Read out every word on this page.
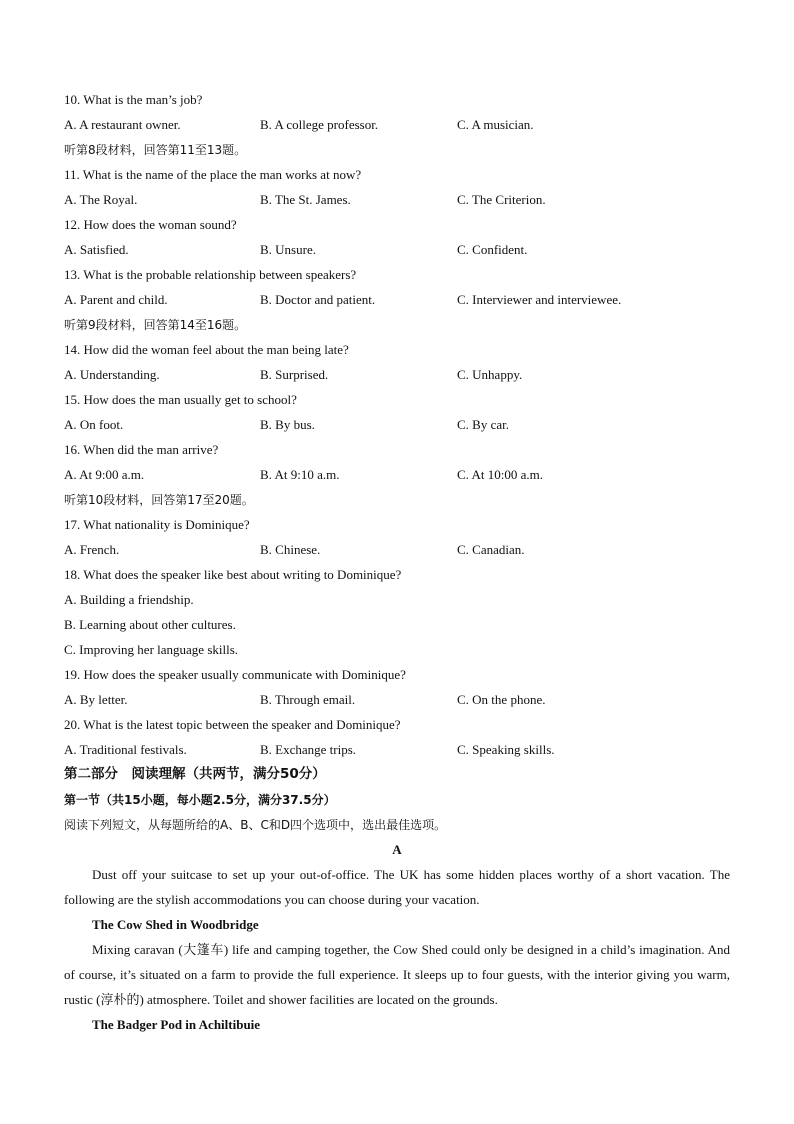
10. What is the man’s job?
A. A restaurant owner.	B. A college professor.	C. A musician.
听第8段材料，回答第11至13题。
11. What is the name of the place the man works at now?
A. The Royal.	B. The St. James.	C. The Criterion.
12. How does the woman sound?
A. Satisfied.	B. Unsure.	C. Confident.
13. What is the probable relationship between speakers?
A. Parent and child.	B. Doctor and patient.	C. Interviewer and interviewee.
听第9段材料，回答第14至16题。
14. How did the woman feel about the man being late?
A. Understanding.	B. Surprised.	C. Unhappy.
15. How does the man usually get to school?
A. On foot.	B. By bus.	C. By car.
16. When did the man arrive?
A. At 9:00 a.m.	B. At 9:10 a.m.	C. At 10:00 a.m.
听第10段材料，回答第17至20题。
17. What nationality is Dominique?
A. French.	B. Chinese.	C. Canadian.
18. What does the speaker like best about writing to Dominique?
A. Building a friendship.
B. Learning about other cultures.
C. Improving her language skills.
19. How does the speaker usually communicate with Dominique?
A. By letter.	B. Through email.	C. On the phone.
20. What is the latest topic between the speaker and Dominique?
A. Traditional festivals.	B. Exchange trips.	C. Speaking skills.
第二部分　阅读理解（共两节，满分50分）
第一节（共15小题，每小题2.5分，满分37.5分）
阅读下列短文，从每题所给的A、B、C和D四个选项中，选出最佳选项。
A
Dust off your suitcase to set up your out-of-office. The UK has some hidden places worthy of a short vacation. The following are the stylish accommodations you can choose during your vacation.
The Cow Shed in Woodbridge
Mixing caravan (大篷车) life and camping together, the Cow Shed could only be designed in a child’s imagination. And of course, it’s situated on a farm to provide the full experience. It sleeps up to four guests, with the interior giving you warm, rustic (淳朴的) atmosphere. Toilet and shower facilities are located on the grounds.
The Badger Pod in Achiltibuie
